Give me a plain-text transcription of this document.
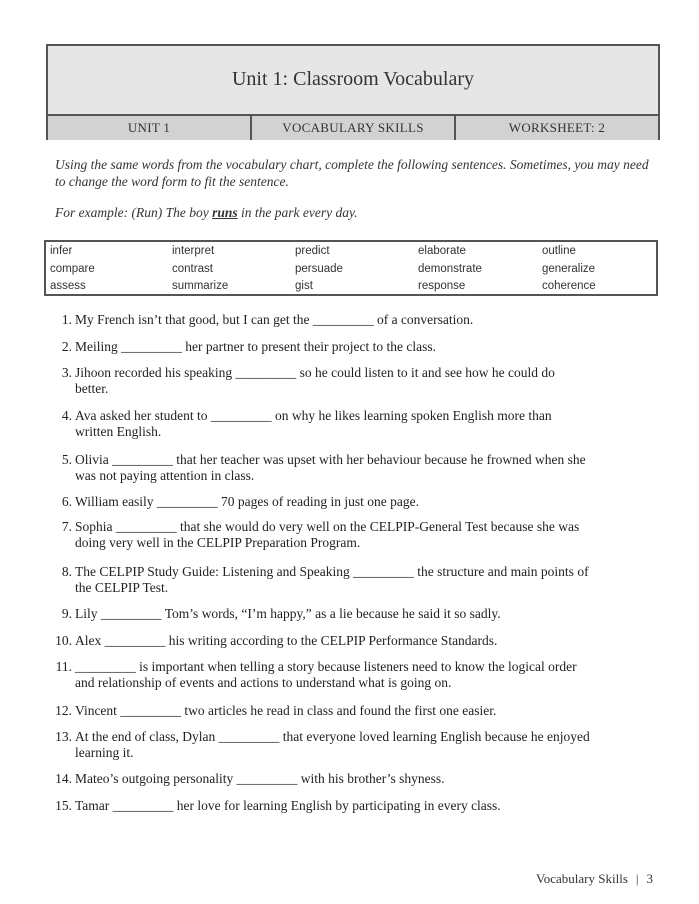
Unit 1: Classroom Vocabulary
UNIT 1	VOCABULARY SKILLS	WORKSHEET: 2
Using the same words from the vocabulary chart, complete the following sentences. Sometimes, you may need to change the word form to fit the sentence.
For example: (Run) The boy runs in the park every day.
infer	interpret	predict	elaborate	outline
compare	contrast	persuade	demonstrate	generalize
assess	summarize	gist	response	coherence
1. My French isn’t that good, but I can get the _________ of a conversation.
2. Meiling _________ her partner to present their project to the class.
3. Jihoon recorded his speaking _________ so he could listen to it and see how he could do
better.
4. Ava asked her student to _________ on why he likes learning spoken English more than
written English.
5. Olivia _________ that her teacher was upset with her behaviour because he frowned when she
was not paying attention in class.
6. William easily _________ 70 pages of reading in just one page.
7. Sophia _________ that she would do very well on the CELPIP-General Test because she was
doing very well in the CELPIP Preparation Program.
8. The CELPIP Study Guide: Listening and Speaking _________ the structure and main points of
the CELPIP Test.
9. Lily _________ Tom’s words, “I’m happy,” as a lie because he said it so sadly.
10. Alex _________ his writing according to the CELPIP Performance Standards.
11. _________ is important when telling a story because listeners need to know the logical order
and relationship of events and actions to understand what is going on.
12. Vincent _________ two articles he read in class and found the first one easier.
13. At the end of class, Dylan _________ that everyone loved learning English because he enjoyed
learning it.
14. Mateo’s outgoing personality _________ with his brother’s shyness.
15. Tamar _________ her love for learning English by participating in every class.
Vocabulary Skills | 3
